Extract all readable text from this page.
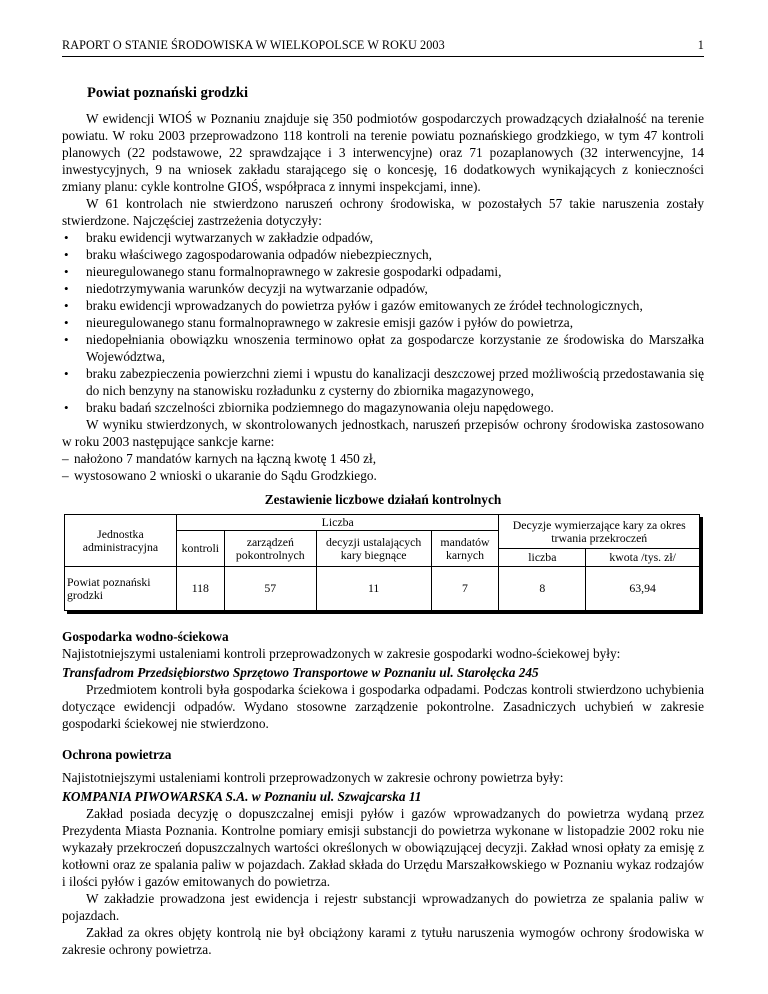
RAPORT O STANIE ŚRODOWISKA W WIELKOPOLSCE W ROKU 2003	1
Powiat poznański grodzki

W ewidencji WIOŚ w Poznaniu znajduje się 350 podmiotów gospodarczych prowadzących działalność na terenie powiatu. W roku 2003 przeprowadzono 118 kontroli na terenie powiatu poznańskiego grodzkiego, w tym 47 kontroli planowych (22 podstawowe, 22 sprawdzające i 3 interwencyjne) oraz 71 pozaplanowych (32 interwencyjne, 14 inwestycyjnych, 9 na wniosek zakładu starającego się o koncesję, 16 dodatkowych wynikających z konieczności zmiany planu: cykle kontrolne GIOŚ, współpraca z innymi inspekcjami, inne).

W 61 kontrolach nie stwierdzono naruszeń ochrony środowiska, w pozostałych 57 takie naruszenia zostały stwierdzone. Najczęściej zastrzeżenia dotyczyły:

• braku ewidencji wytwarzanych w zakładzie odpadów,
• braku właściwego zagospodarowania odpadów niebezpiecznych,
• nieuregulowanego stanu formalnoprawnego w zakresie gospodarki odpadami,
• niedotrzymywania warunków decyzji na wytwarzanie odpadów,
• braku ewidencji wprowadzanych do powietrza pyłów i gazów emitowanych ze źródeł technologicznych,
• nieuregulowanego stanu formalnoprawnego w zakresie emisji gazów i pyłów do powietrza,
• niedopełniania obowiązku wnoszenia terminowo opłat za gospodarcze korzystanie ze środowiska do Marszałka Województwa,
• braku zabezpieczenia powierzchni ziemi i wpustu do kanalizacji deszczowej przed możliwością przedostawania się do nich benzyny na stanowisku rozładunku z cysterny do zbiornika magazynowego,
• braku badań szczelności zbiornika podziemnego do magazynowania oleju napędowego.

W wyniku stwierdzonych, w skontrolowanych jednostkach, naruszeń przepisów ochrony środowiska zastosowano w roku 2003 następujące sankcje karne:

– nałożono 7 mandatów karnych na łączną kwotę 1 450 zł,
– wystosowano 2 wnioski o ukaranie do Sądu Grodzkiego.
Zestawienie liczbowe działań kontrolnych
Jednostka administracyjna	Liczba				Decyzje wymierzające kary za okres trwania przekroczeń	
	kontroli	zarządzeń pokontrolnych	decyzji ustalających kary biegnące	mandatów karnych		
					liczba	kwota /tys. zł/
Powiat poznański grodzki	118	57	11	7	8	63,94
Gospodarka wodno-ściekowa

Najistotniejszymi ustaleniami kontroli przeprowadzonych w zakresie gospodarki wodno-ściekowej były:

Transfadrom Przedsiębiorstwo Sprzętowo Transportowe w Poznaniu ul. Starołęcka 245

Przedmiotem kontroli była gospodarka ściekowa i gospodarka odpadami. Podczas kontroli stwierdzono uchybienia dotyczące ewidencji odpadów. Wydano stosowne zarządzenie pokontrolne. Zasadniczych uchybień w zakresie gospodarki ściekowej nie stwierdzono.

Ochrona powietrza

Najistotniejszymi ustaleniami kontroli przeprowadzonych w zakresie ochrony powietrza były:

KOMPANIA PIWOWARSKA S.A. w Poznaniu ul. Szwajcarska 11

Zakład posiada decyzję o dopuszczalnej emisji pyłów i gazów wprowadzanych do powietrza wydaną przez Prezydenta Miasta Poznania. Kontrolne pomiary emisji substancji do powietrza wykonane w listopadzie 2002 roku nie wykazały przekroczeń dopuszczalnych wartości określonych w obowiązującej decyzji. Zakład wnosi opłaty za emisję z kotłowni oraz ze spalania paliw w pojazdach. Zakład składa do Urzędu Marszałkowskiego w Poznaniu wykaz rodzajów i ilości pyłów i gazów emitowanych do powietrza.

W zakładzie prowadzona jest ewidencja i rejestr substancji wprowadzanych do powietrza ze spalania paliw w pojazdach.

Zakład za okres objęty kontrolą nie był obciążony karami z tytułu naruszenia wymogów ochrony środowiska w zakresie ochrony powietrza.
